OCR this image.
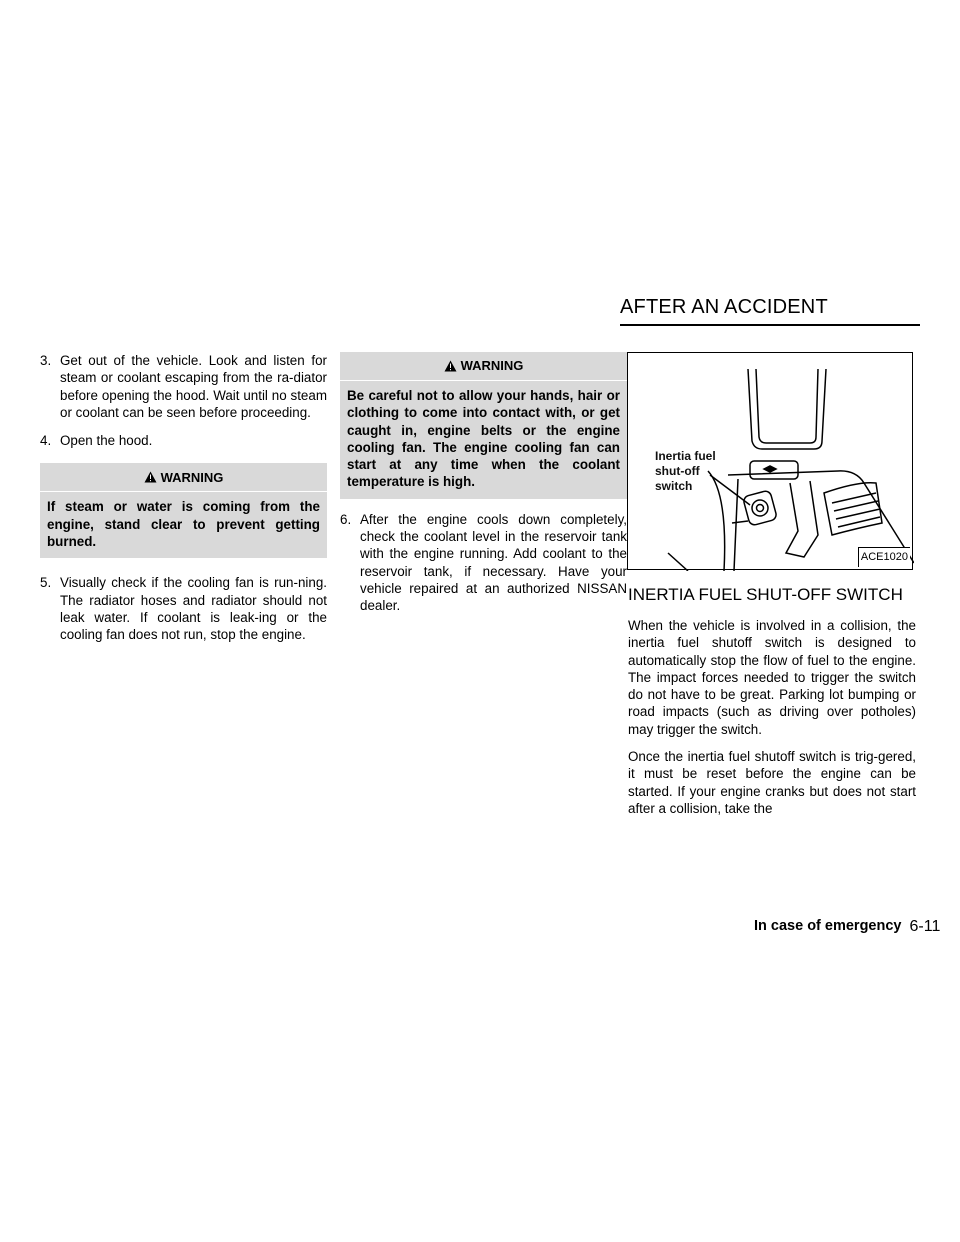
AFTER AN ACCIDENT

3. Get out of the vehicle. Look and listen for steam or coolant escaping from the ra-diator before opening the hood. Wait until no steam or coolant can be seen before proceeding.

4. Open the hood.

WARNING
If steam or water is coming from the engine, stand clear to prevent getting burned.

5. Visually check if the cooling fan is run-ning. The radiator hoses and radiator should not leak water. If coolant is leak-ing or the cooling fan does not run, stop the engine.

WARNING
Be careful not to allow your hands, hair or clothing to come into contact with, or get caught in, engine belts or the engine cooling fan. The engine cooling fan can start at any time when the coolant temperature is high.

6. After the engine cools down completely, check the coolant level in the reservoir tank with the engine running. Add coolant to the reservoir tank, if necessary. Have your vehicle repaired at an authorized NISSAN dealer.

Inertia fuel shut-off switch
ACE1020
INERTIA FUEL SHUT-OFF SWITCH

When the vehicle is involved in a collision, the inertia fuel shutoff switch is designed to automatically stop the flow of fuel to the engine. The impact forces needed to trigger the switch do not have to be great. Parking lot bumping or road impacts (such as driving over potholes) may trigger the switch.

Once the inertia fuel shutoff switch is trig-gered, it must be reset before the engine can be started. If your engine cranks but does not start after a collision, take the

In case of emergency 6-11
